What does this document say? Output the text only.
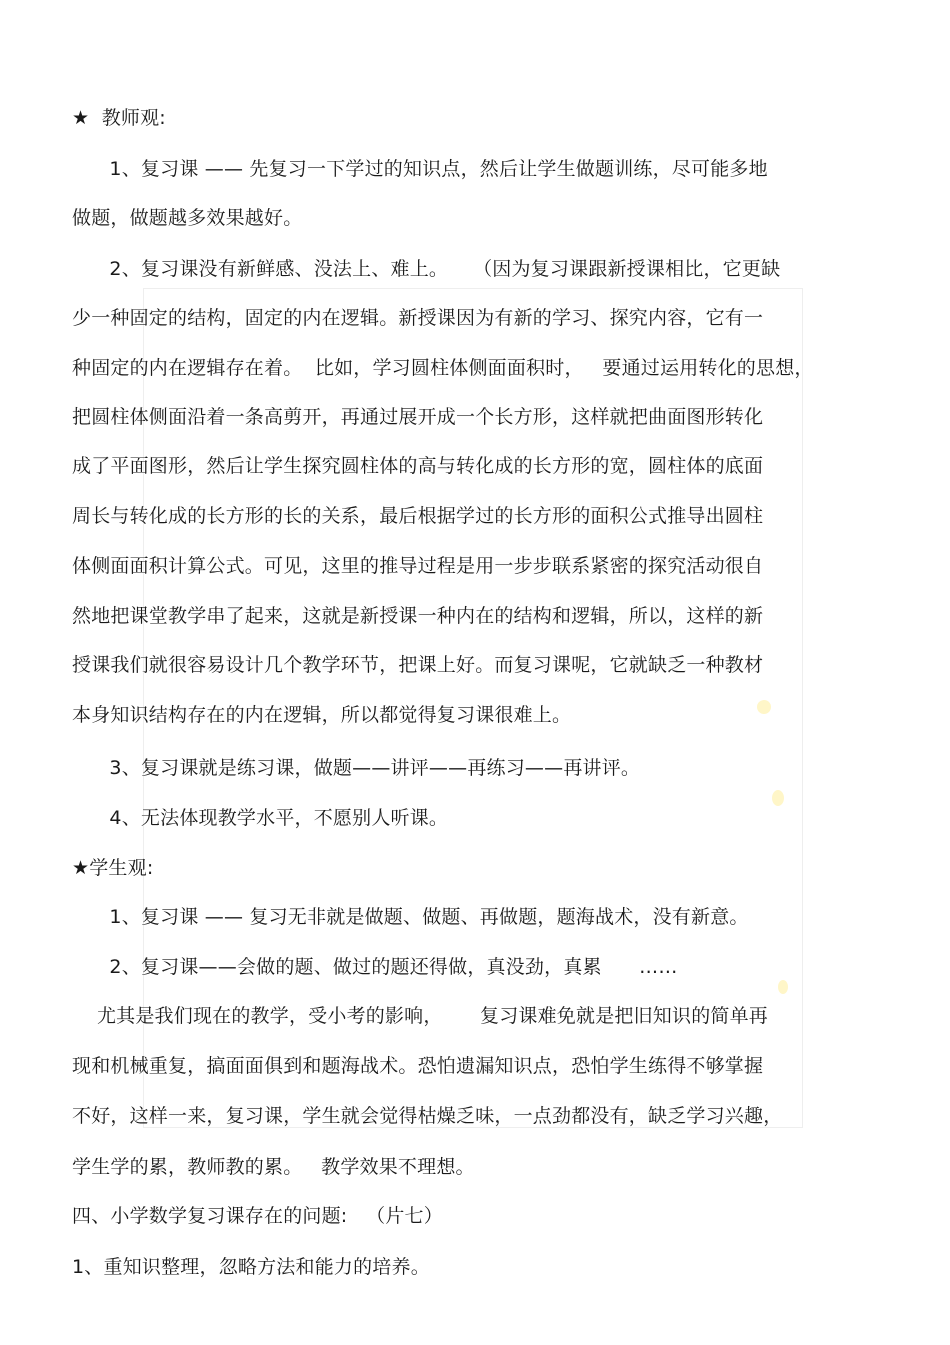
★  教师观:
1、复习课 —— 先复习一下学过的知识点，然后让学生做题训练，尽可能多地
做题，做题越多效果越好。
2、复习课没有新鲜感、没法上、难上。    （因为复习课跟新授课相比，它更缺
少一种固定的结构，固定的内在逻辑。新授课因为有新的学习、探究内容，它有一
种固定的内在逻辑存在着。  比如，学习圆柱体侧面面积时，   要通过运用转化的思想，
把圆柱体侧面沿着一条高剪开，再通过展开成一个长方形，这样就把曲面图形转化
成了平面图形，然后让学生探究圆柱体的高与转化成的长方形的宽，圆柱体的底面
周长与转化成的长方形的长的关系，最后根据学过的长方形的面积公式推导出圆柱
体侧面面积计算公式。可见，这里的推导过程是用一步步联系紧密的探究活动很自
然地把课堂教学串了起来，这就是新授课一种内在的结构和逻辑，所以，这样的新
授课我们就很容易设计几个教学环节，把课上好。而复习课呢，它就缺乏一种教材
本身知识结构存在的内在逻辑，所以都觉得复习课很难上。
3、复习课就是练习课，做题——讲评——再练习——再讲评。
4、无法体现教学水平，不愿别人听课。
★学生观:
1、复习课 —— 复习无非就是做题、做题、再做题，题海战术，没有新意。
2、复习课——会做的题、做过的题还得做，真没劲，真累      ……
尤其是我们现在的教学，受小考的影响，      复习课难免就是把旧知识的简单再
现和机械重复，搞面面俱到和题海战术。恐怕遗漏知识点，恐怕学生练得不够掌握
不好，这样一来，复习课，学生就会觉得枯燥乏味，一点劲都没有，缺乏学习兴趣，
学生学的累，教师教的累。   教学效果不理想。
四、小学数学复习课存在的问题:   （片七）
1、重知识整理，忽略方法和能力的培养。
